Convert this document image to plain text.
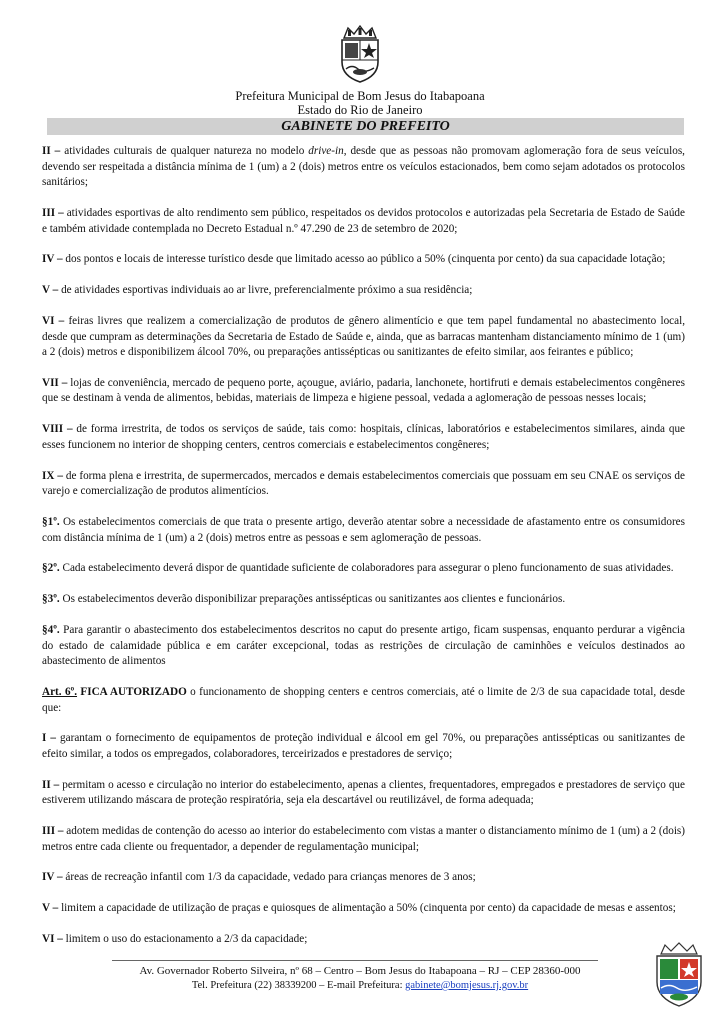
Prefeitura Municipal de Bom Jesus do Itabapoana
Estado do Rio de Janeiro
GABINETE DO PREFEITO

II – atividades culturais de qualquer natureza no modelo drive-in, desde que as pessoas não promovam aglomeração fora de seus veículos, devendo ser respeitada a distância mínima de 1 (um) a 2 (dois) metros entre os veículos estacionados, bem como sejam adotados os protocolos sanitários;

III – atividades esportivas de alto rendimento sem público, respeitados os devidos protocolos e autorizadas pela Secretaria de Estado de Saúde e também atividade contemplada no Decreto Estadual n.º 47.290 de 23 de setembro de 2020;

IV – dos pontos e locais de interesse turístico desde que limitado acesso ao público a 50% (cinquenta por cento) da sua capacidade lotação;

V – de atividades esportivas individuais ao ar livre, preferencialmente próximo a sua residência;

VI – feiras livres que realizem a comercialização de produtos de gênero alimentício e que tem papel fundamental no abastecimento local, desde que cumpram as determinações da Secretaria de Estado de Saúde e, ainda, que as barracas mantenham distanciamento mínimo de 1 (um) a 2 (dois) metros e disponibilizem álcool 70%, ou preparações antissépticas ou sanitizantes de efeito similar, aos feirantes e público;

VII – lojas de conveniência, mercado de pequeno porte, açougue, aviário, padaria, lanchonete, hortifruti e demais estabelecimentos congêneres que se destinam à venda de alimentos, bebidas, materiais de limpeza e higiene pessoal, vedada a aglomeração de pessoas nesses locais;

VIII – de forma irrestrita, de todos os serviços de saúde, tais como: hospitais, clínicas, laboratórios e estabelecimentos similares, ainda que esses funcionem no interior de shopping centers, centros comerciais e estabelecimentos congêneres;

IX – de forma plena e irrestrita, de supermercados, mercados e demais estabelecimentos comerciais que possuam em seu CNAE os serviços de varejo e comercialização de produtos alimentícios.

§1º. Os estabelecimentos comerciais de que trata o presente artigo, deverão atentar sobre a necessidade de afastamento entre os consumidores com distância mínima de 1 (um) a 2 (dois) metros entre as pessoas e sem aglomeração de pessoas.

§2º. Cada estabelecimento deverá dispor de quantidade suficiente de colaboradores para assegurar o pleno funcionamento de suas atividades.

§3º. Os estabelecimentos deverão disponibilizar preparações antissépticas ou sanitizantes aos clientes e funcionários.

§4º. Para garantir o abastecimento dos estabelecimentos descritos no caput do presente artigo, ficam suspensas, enquanto perdurar a vigência do estado de calamidade pública e em caráter excepcional, todas as restrições de circulação de caminhões e veículos destinados ao abastecimento de alimentos

Art. 6º. FICA AUTORIZADO o funcionamento de shopping centers e centros comerciais, até o limite de 2/3 de sua capacidade total, desde que:

I – garantam o fornecimento de equipamentos de proteção individual e álcool em gel 70%, ou preparações antissépticas ou sanitizantes de efeito similar, a todos os empregados, colaboradores, terceirizados e prestadores de serviço;

II – permitam o acesso e circulação no interior do estabelecimento, apenas a clientes, frequentadores, empregados e prestadores de serviço que estiverem utilizando máscara de proteção respiratória, seja ela descartável ou reutilizável, de forma adequada;

III – adotem medidas de contenção do acesso ao interior do estabelecimento com vistas a manter o distanciamento mínimo de 1 (um) a 2 (dois) metros entre cada cliente ou frequentador, a depender de regulamentação municipal;

IV – áreas de recreação infantil com 1/3 da capacidade, vedado para crianças menores de 3 anos;

V – limitem a capacidade de utilização de praças e quiosques de alimentação a 50% (cinquenta por cento) da capacidade de mesas e assentos;

VI – limitem o uso do estacionamento a 2/3 da capacidade;

Av. Governador Roberto Silveira, nº 68 – Centro – Bom Jesus do Itabapoana – RJ – CEP 28360-000
Tel. Prefeitura (22) 38339200 – E-mail Prefeitura: gabinete@bomjesus.rj.gov.br
